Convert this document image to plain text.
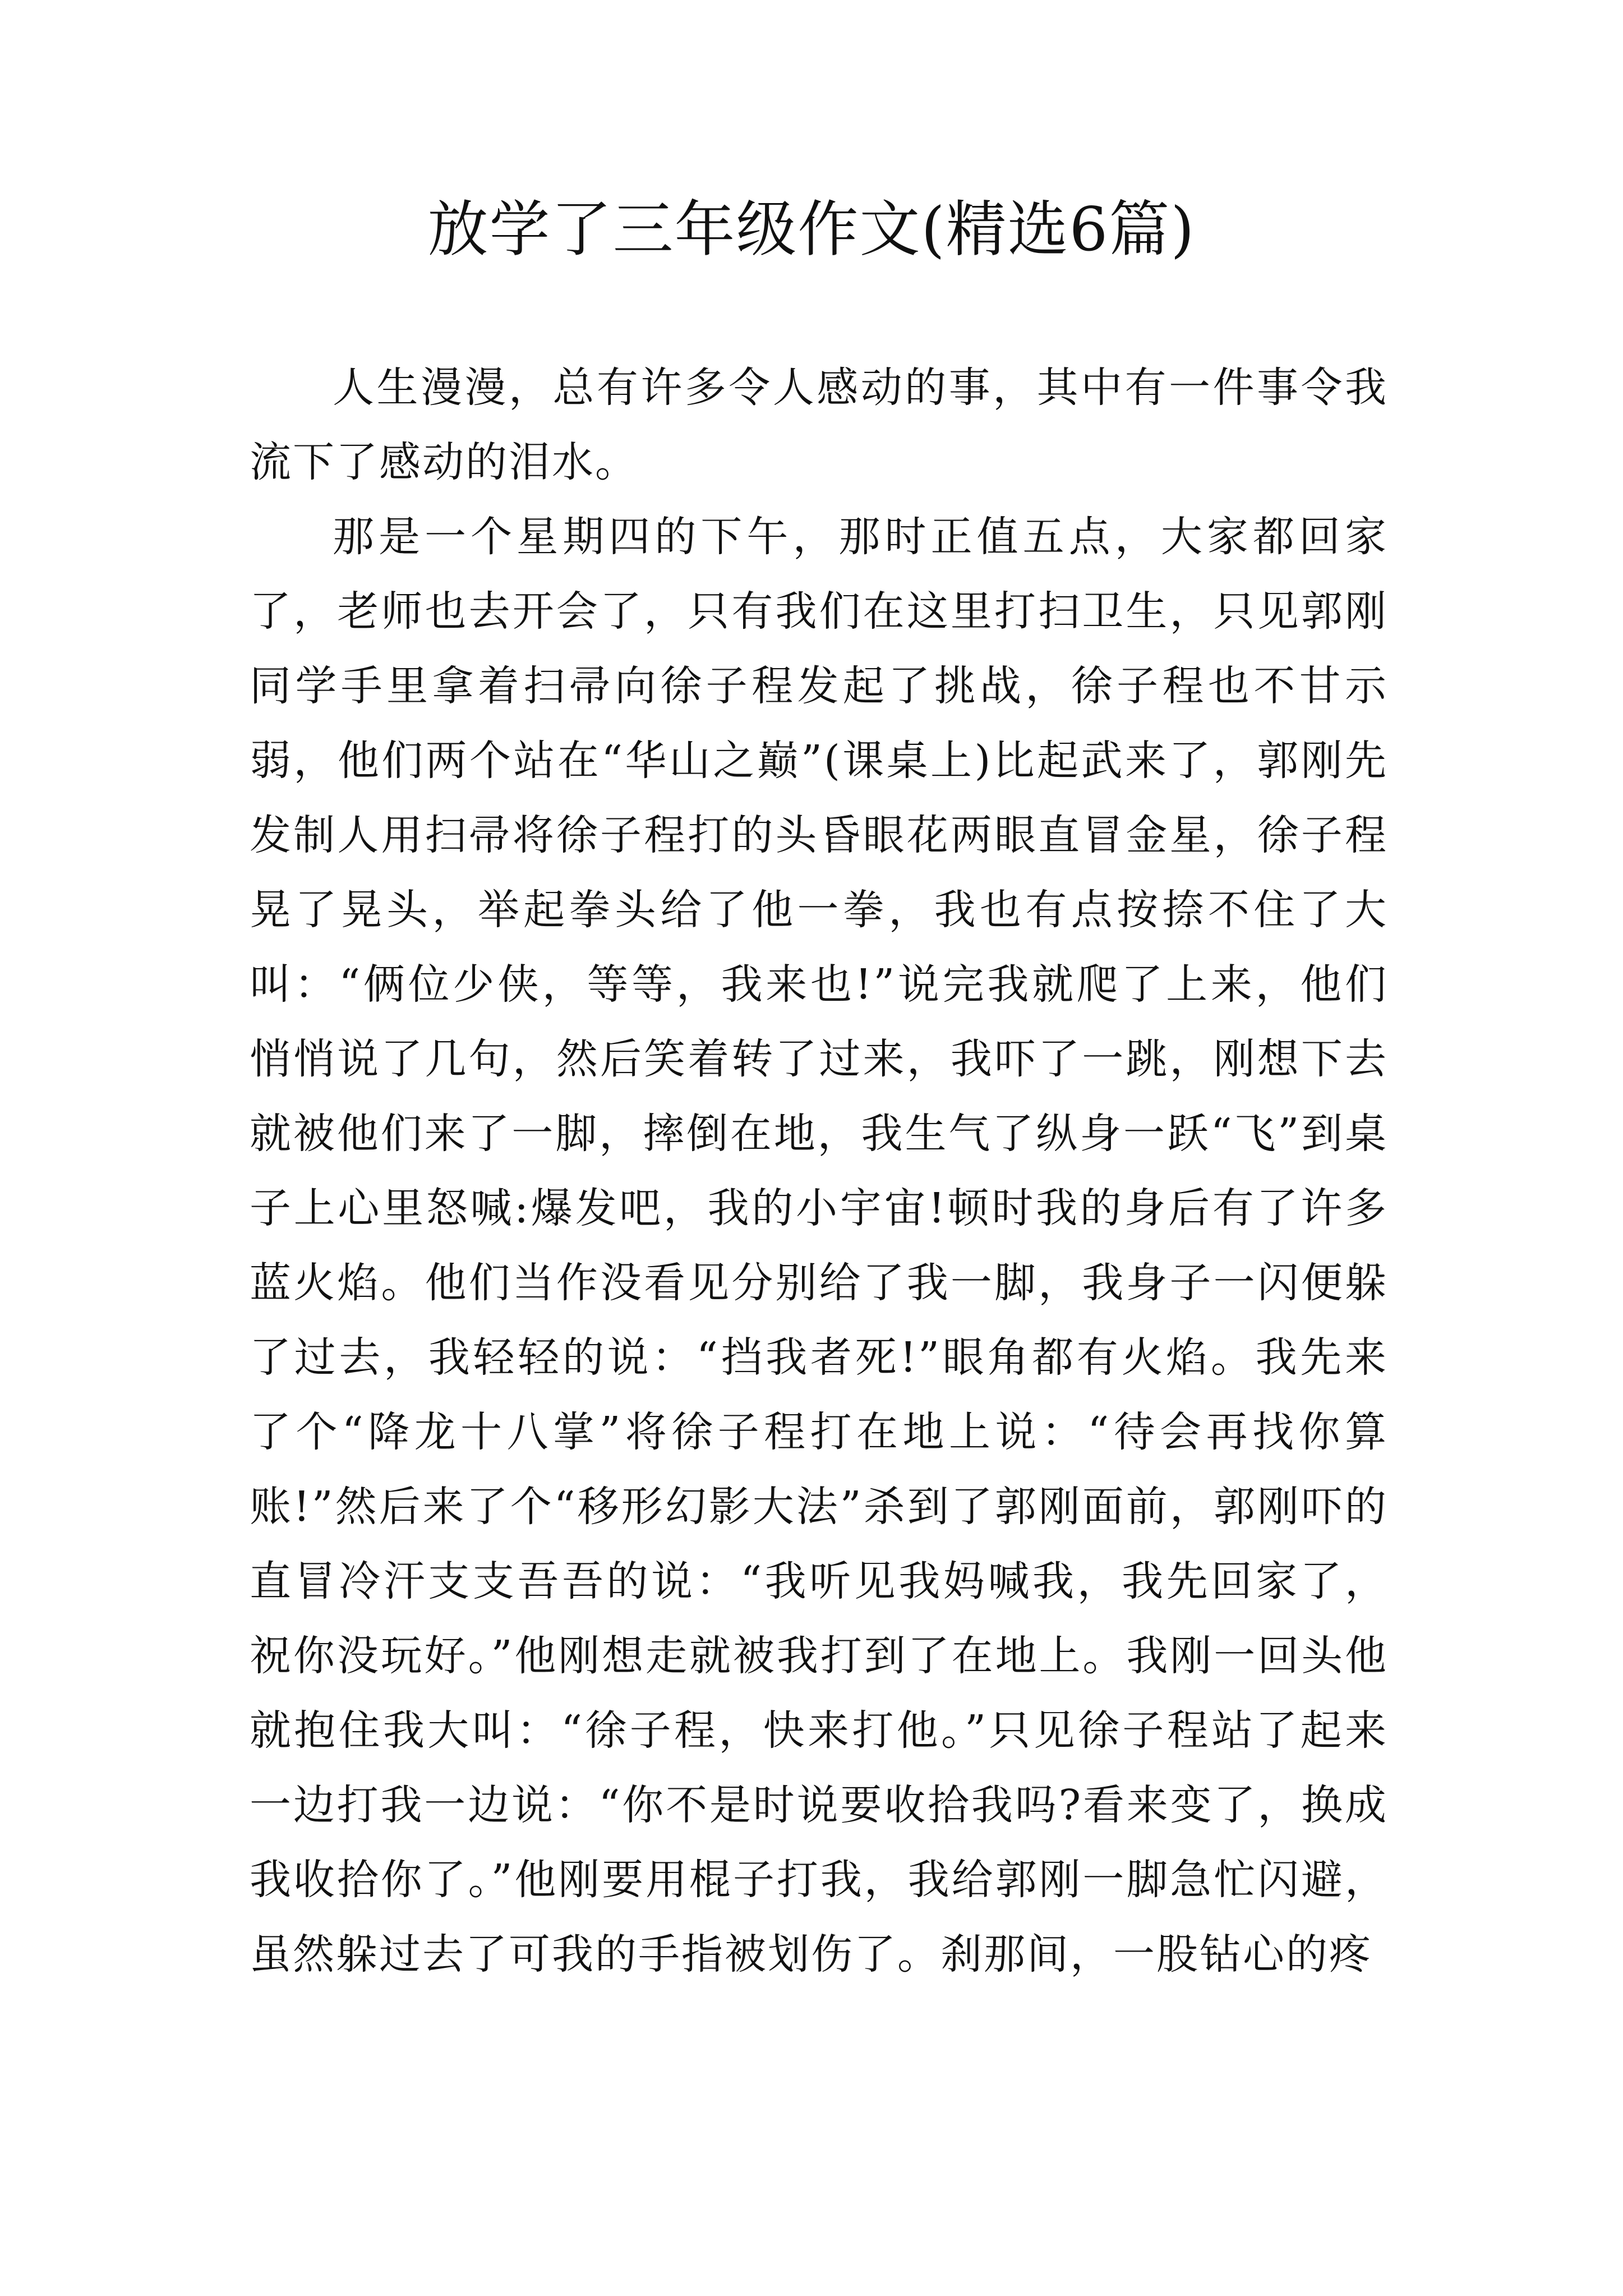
放学了三年级作文(精选6篇)

人生漫漫，总有许多令人感动的事，其中有一件事令我流下了感动的泪水。

那是一个星期四的下午，那时正值五点，大家都回家了，老师也去开会了，只有我们在这里打扫卫生，只见郭刚同学手里拿着扫帚向徐子程发起了挑战，徐子程也不甘示弱，他们两个站在“华山之巅”(课桌上)比起武来了，郭刚先发制人用扫帚将徐子程打的头昏眼花两眼直冒金星，徐子程晃了晃头，举起拳头给了他一拳，我也有点按捺不住了大叫：“俩位少侠，等等，我来也!”说完我就爬了上来，他们悄悄说了几句，然后笑着转了过来，我吓了一跳，刚想下去就被他们来了一脚，摔倒在地，我生气了纵身一跃“飞”到桌子上心里怒喊:爆发吧，我的小宇宙!顿时我的身后有了许多蓝火焰。他们当作没看见分别给了我一脚，我身子一闪便躲了过去，我轻轻的说：“挡我者死!”眼角都有火焰。我先来了个“降龙十八掌”将徐子程打在地上说：“待会再找你算账!”然后来了个“移形幻影大法”杀到了郭刚面前，郭刚吓的直冒冷汗支支吾吾的说：“我听见我妈喊我，我先回家了，祝你没玩好。”他刚想走就被我打到了在地上。我刚一回头他就抱住我大叫：“徐子程，快来打他。”只见徐子程站了起来一边打我一边说：“你不是时说要收拾我吗?看来变了，换成我收拾你了。”他刚要用棍子打我，我给郭刚一脚急忙闪避，虽然躲过去了可我的手指被划伤了。刹那间，一股钻心的疼
